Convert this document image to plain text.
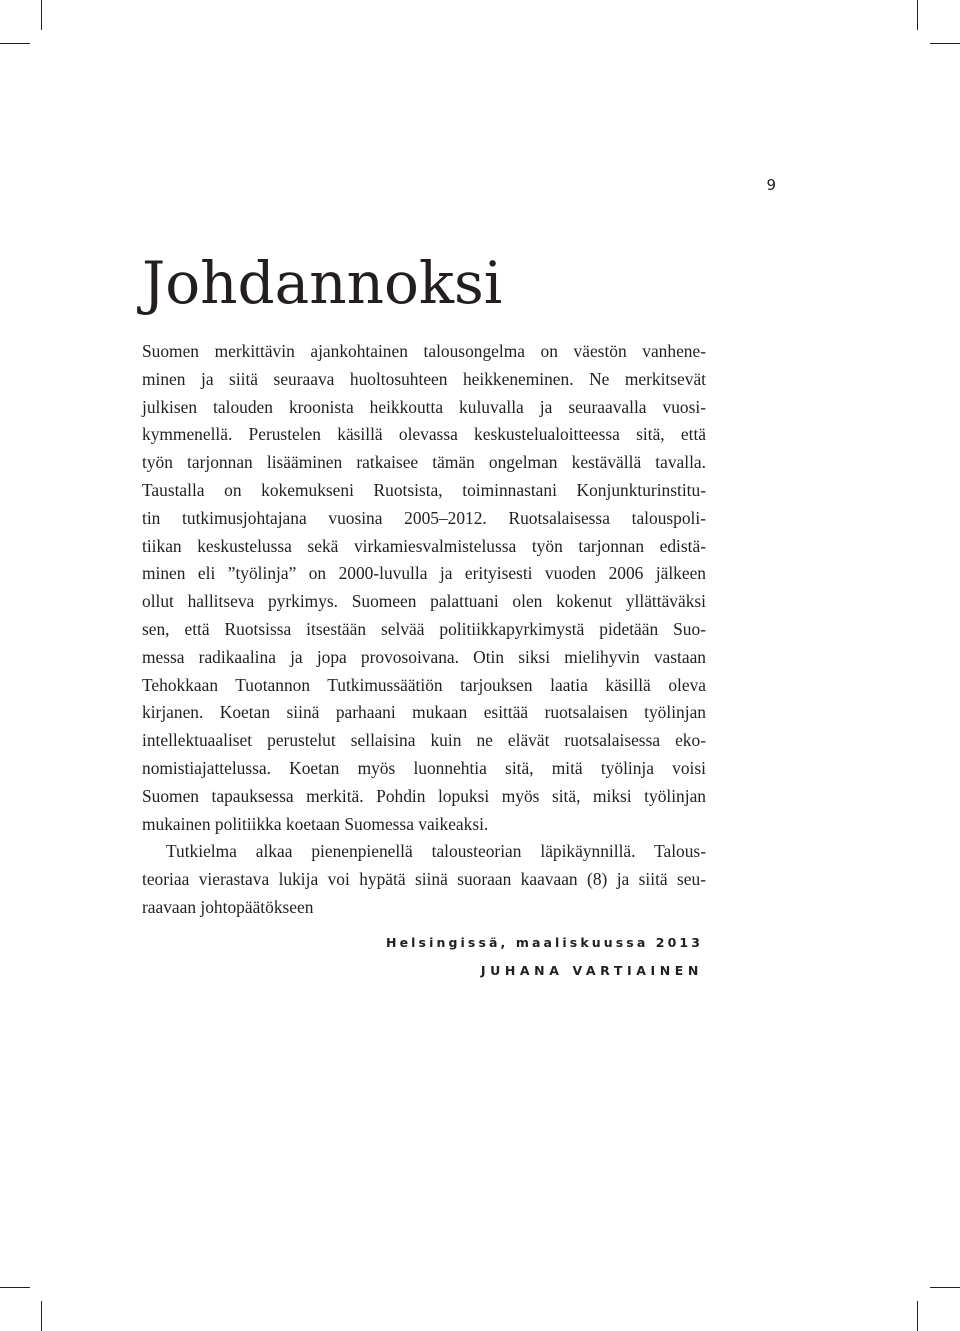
9
Johdannoksi
Suomen merkittävin ajankohtainen talousongelma on väestön vanhene-
minen ja siitä seuraava huoltosuhteen heikkeneminen. Ne merkitsevät
julkisen talouden kroonista heikkoutta kuluvalla ja seuraavalla vuosi-
kymmenellä. Perustelen käsillä olevassa keskustelualoitteessa sitä, että
työn tarjonnan lisääminen ratkaisee tämän ongelman kestävällä tavalla.
Taustalla on kokemukseni Ruotsista, toiminnastani Konjunkturinstitu-
tin tutkimusjohtajana vuosina 2005–2012. Ruotsalaisessa talouspoli-
tiikan keskustelussa sekä virkamiesvalmistelussa työn tarjonnan edistä-
minen eli ”työlinja” on 2000-luvulla ja erityisesti vuoden 2006 jälkeen
ollut hallitseva pyrkimys. Suomeen palattuani olen kokenut yllättäväksi
sen, että Ruotsissa itsestään selvää politiikkapyrkimystä pidetään Suo-
messa radikaalina ja jopa provosoivana. Otin siksi mielihyvin vastaan
Tehokkaan Tuotannon Tutkimussäätiön tarjouksen laatia käsillä oleva
kirjanen. Koetan siinä parhaani mukaan esittää ruotsalaisen työlinjan
intellektuaaliset perustelut sellaisina kuin ne elävät ruotsalaisessa eko-
nomistiajattelussa. Koetan myös luonnehtia sitä, mitä työlinja voisi
Suomen tapauksessa merkitä. Pohdin lopuksi myös sitä, miksi työlinjan
mukainen politiikka koetaan Suomessa vaikeaksi.
Tutkielma alkaa pienenpienellä talousteorian läpikäynnillä. Talous-
teoriaa vierastava lukija voi hypätä siinä suoraan kaavaan (8) ja siitä seu-
raavaan johtopäätökseen
Helsingissä, maaliskuussa 2013
JUHANA VARTIAINEN
